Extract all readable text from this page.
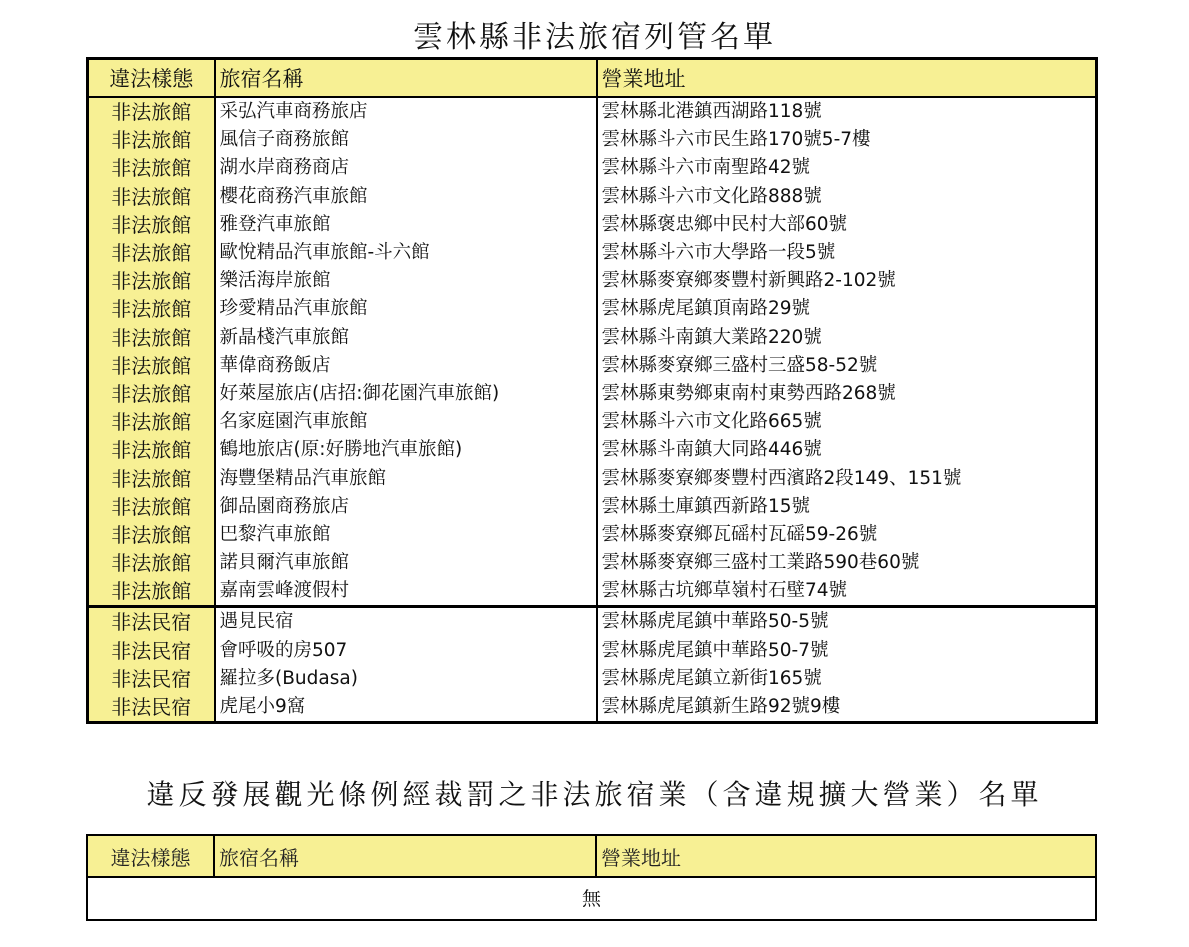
雲林縣非法旅宿列管名單
違法樣態	旅宿名稱	營業地址
非法旅館	采弘汽車商務旅店	雲林縣北港鎮西湖路118號
非法旅館	風信子商務旅館	雲林縣斗六市民生路170號5-7樓
非法旅館	湖水岸商務商店	雲林縣斗六市南聖路42號
非法旅館	櫻花商務汽車旅館	雲林縣斗六市文化路888號
非法旅館	雅登汽車旅館	雲林縣褒忠鄉中民村大部60號
非法旅館	歐悅精品汽車旅館-斗六館	雲林縣斗六市大學路一段5號
非法旅館	樂活海岸旅館	雲林縣麥寮鄉麥豐村新興路2-102號
非法旅館	珍愛精品汽車旅館	雲林縣虎尾鎮頂南路29號
非法旅館	新晶棧汽車旅館	雲林縣斗南鎮大業路220號
非法旅館	華偉商務飯店	雲林縣麥寮鄉三盛村三盛58-52號
非法旅館	好萊屋旅店(店招:御花園汽車旅館)	雲林縣東勢鄉東南村東勢西路268號
非法旅館	名家庭園汽車旅館	雲林縣斗六市文化路665號
非法旅館	鶴地旅店(原:好勝地汽車旅館)	雲林縣斗南鎮大同路446號
非法旅館	海豐堡精品汽車旅館	雲林縣麥寮鄉麥豐村西濱路2段149、151號
非法旅館	御品園商務旅店	雲林縣土庫鎮西新路15號
非法旅館	巴黎汽車旅館	雲林縣麥寮鄉瓦磘村瓦磘59-26號
非法旅館	諾貝爾汽車旅館	雲林縣麥寮鄉三盛村工業路590巷60號
非法旅館	嘉南雲峰渡假村	雲林縣古坑鄉草嶺村石壁74號
非法民宿	遇見民宿	雲林縣虎尾鎮中華路50-5號
非法民宿	會呼吸的房507	雲林縣虎尾鎮中華路50-7號
非法民宿	羅拉多(Budasa)	雲林縣虎尾鎮立新街165號
非法民宿	虎尾小9窩	雲林縣虎尾鎮新生路92號9樓
違反發展觀光條例經裁罰之非法旅宿業（含違規擴大營業）名單
違法樣態	旅宿名稱	營業地址
無
